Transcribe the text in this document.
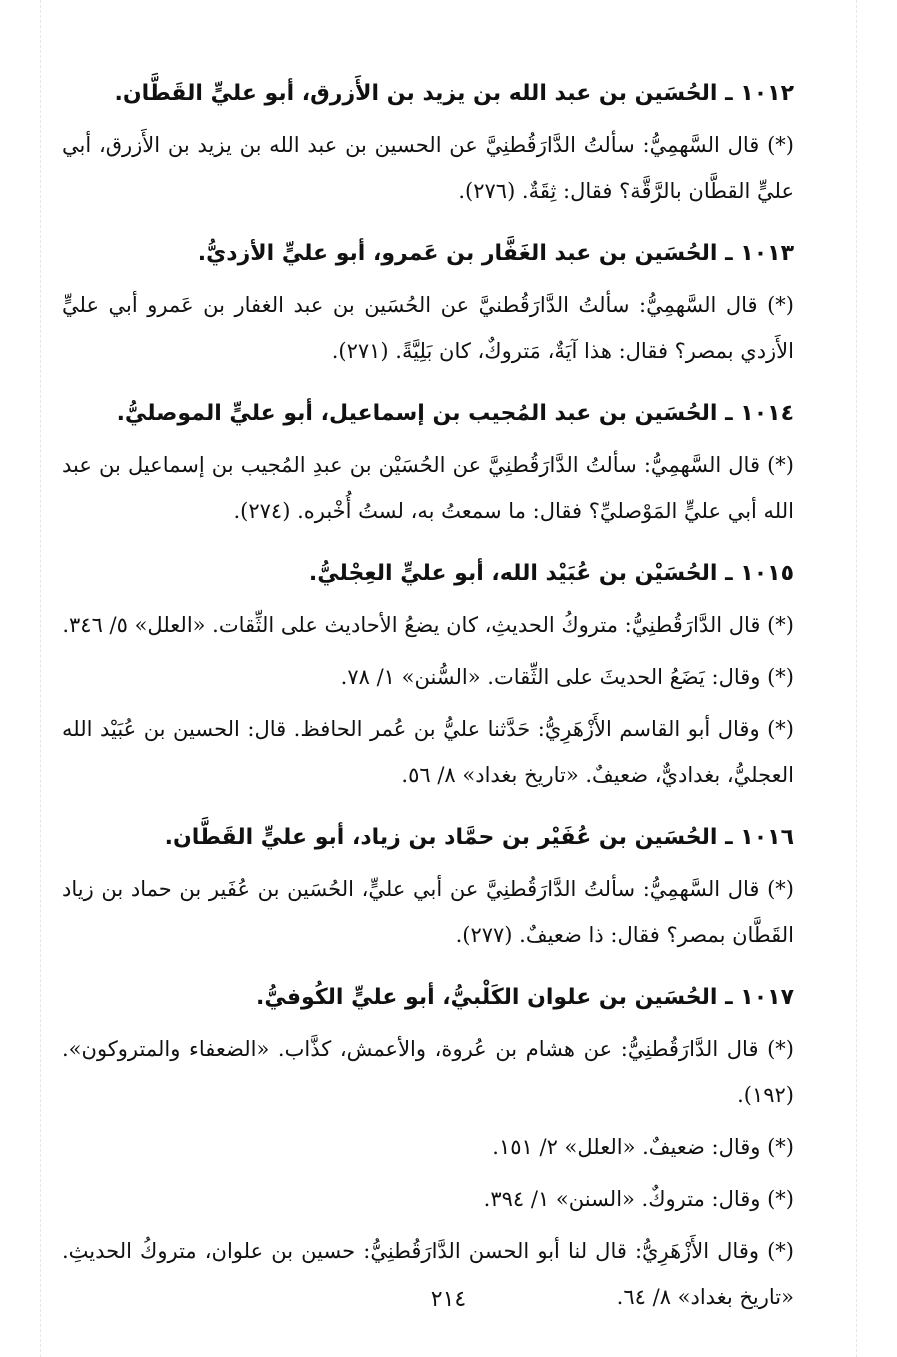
١٠١٢ ـ الحُسَين بن عبد الله بن يزيد بن الأَزرق، أبو عليٍّ القَطَّان.

(*) قال السَّهمِيُّ: سألتُ الدَّارَقُطنِيَّ عن الحسين بن عبد الله بن يزيد بن الأَزرق، أبي عليٍّ القطَّان بالرَّقَّة؟ فقال: ثِقَةٌ. (٢٧٦).

١٠١٣ ـ الحُسَين بن عبد الغَفَّار بن عَمرو، أبو عليٍّ الأزديُّ.

(*) قال السَّهمِيُّ: سألتُ الدَّارَقُطنيَّ عن الحُسَين بن عبد الغفار بن عَمرو أبي عليٍّ الأَزدي بمصر؟ فقال: هذا آيَةٌ، مَتروكٌ، كان بَلِيَّةً. (٢٧١).

١٠١٤ ـ الحُسَين بن عبد المُجيب بن إسماعيل، أبو عليٍّ الموصليُّ.

(*) قال السَّهمِيُّ: سألتُ الدَّارَقُطنِيَّ عن الحُسَيْن بن عبدِ المُجيب بن إسماعيل بن عبد الله أبي عليٍّ المَوْصليِّ؟ فقال: ما سمعتُ به، لستُ أُخْبره. (٢٧٤).

١٠١٥ ـ الحُسَيْن بن عُبَيْد الله، أبو عليٍّ العِجْليُّ.

(*) قال الدَّارَقُطنِيُّ: متروكُ الحديثِ، كان يضعُ الأحاديث على الثِّقات. «العلل» ٥/ ٣٤٦.

(*) وقال: يَضَعُ الحديثَ على الثِّقات. «السُّنن» ١/ ٧٨.

(*) وقال أبو القاسم الأَزْهَرِيُّ: حَدَّثنا عليُّ بن عُمر الحافظ. قال: الحسين بن عُبَيْد الله العجليُّ، بغداديٌّ، ضعيفٌ. «تاريخ بغداد» ٨/ ٥٦.

١٠١٦ ـ الحُسَين بن عُفَيْر بن حمَّاد بن زياد، أبو عليٍّ القَطَّان.

(*) قال السَّهمِيُّ: سألتُ الدَّارَقُطنِيَّ عن أبي عليٍّ، الحُسَين بن عُفَير بن حماد بن زياد القَطَّان بمصر؟ فقال: ذا ضعيفٌ. (٢٧٧).

١٠١٧ ـ الحُسَين بن علوان الكَلْبيُّ، أبو عليٍّ الكُوفيُّ.

(*) قال الدَّارَقُطنِيُّ: عن هشام بن عُروة، والأعمش، كذَّاب. «الضعفاء والمتروكون». (١٩٢).

(*) وقال: ضعيفٌ. «العلل» ٢/ ١٥١.

(*) وقال: متروكٌ. «السنن» ١/ ٣٩٤.

(*) وقال الأَزْهَرِيُّ: قال لنا أبو الحسن الدَّارَقُطنِيُّ: حسين بن علوان، متروكُ الحديثِ. «تاريخ بغداد» ٨/ ٦٤.

٢١٤
